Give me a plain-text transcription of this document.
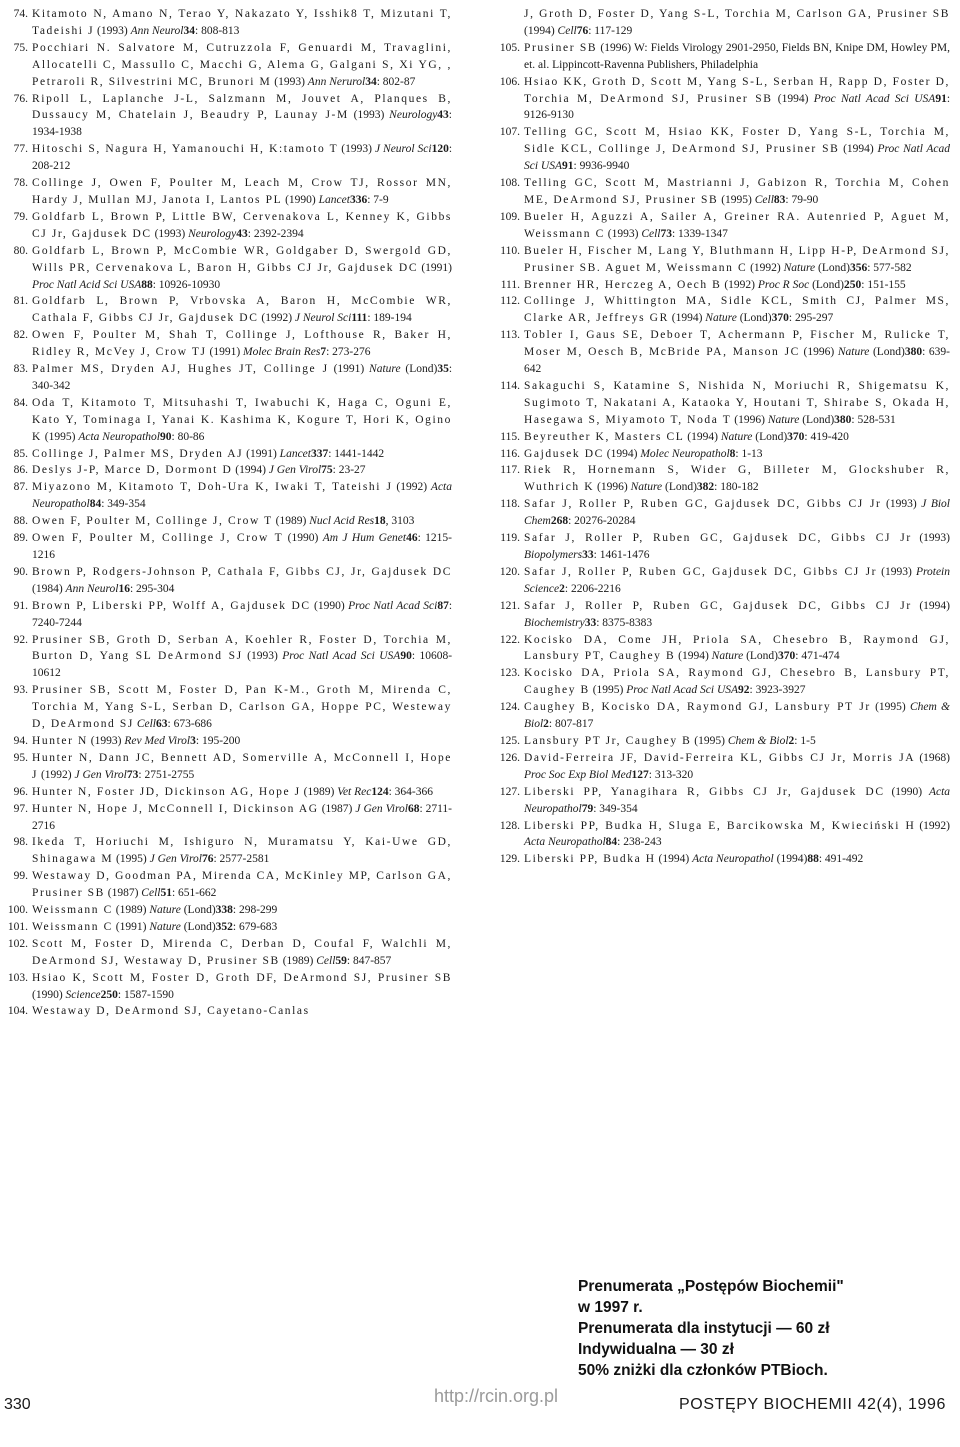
74. Kitamoto N, Amano N, Terao Y, Nakazato Y, Isshik8 T, Mizutani T, Tadeishi J (1993) Ann Neurol34: 808-813
75. Pocchiari N. Salvatore M, Cutruzzola F, Genuardi M, Travaglini, Allocatelli C, Massullo C, Macchi G, Alema G, Galgani S, Xi YG, , Petraroli R, Silvestrini MC, Brunori M (1993) Ann Nerurol34: 802-87
76. Ripoll L, Laplanche J-L, Salzmann M, Jouvet A, Planques B, Dussaucy M, Chatelain J, Beaudry P, Launay J-M (1993) Neurology43: 1934-1938
77. Hitoschi S, Nagura H, Yamanouchi H, K:tamoto T (1993) J Neurol Sci120: 208-212
78. Collinge J, Owen F, Poulter M, Leach M, Crow TJ, Rossor MN, Hardy J, Mullan MJ, Janota I, Lantos PL (1990) Lancet336: 7-9
79. Goldfarb L, Brown P, Little BW, Cervenakova L, Kenney K, Gibbs CJ Jr, Gajdusek DC (1993) Neurology43: 2392-2394
80. Goldfarb L, Brown P, McCombie WR, Goldgaber D, Swergold GD, Wills PR, Cervenakova L, Baron H, Gibbs CJ Jr, Gajdusek DC (1991) Proc Natl Acid Sci USA88: 10926-10930
81. Goldfarb L, Brown P, Vrbovska A, Baron H, McCombie WR, Cathala F, Gibbs CJ Jr, Gajdusek DC (1992) J Neurol Sci111: 189-194
82. Owen F, Poulter M, Shah T, Collinge J, Lofthouse R, Baker H, Ridley R, McVey J, Crow TJ (1991) Molec Brain Res7: 273-276
83. Palmer MS, Dryden AJ, Hughes JT, Collinge J (1991) Nature (Lond)35: 340-342
84. Oda T, Kitamoto T, Mitsuhashi T, Iwabuchi K, Haga C, Oguni E, Kato Y, Tominaga I, Yanai K. Kashima K, Kogure T, Hori K, Ogino K (1995) Acta Neuropathol90: 80-86
85. Collinge J, Palmer MS, Dryden AJ (1991) Lancet337: 1441-1442
86. Deslys J-P, Marce D, Dormont D (1994) J Gen Virol75: 23-27
87. Miyazono M, Kitamoto T, Doh-Ura K, Iwaki T, Tateishi J (1992) Acta Neuropathol84: 349-354
88. Owen F, Poulter M, Collinge J, Crow T (1989) Nucl Acid Res18, 3103
89. Owen F, Poulter M, Collinge J, Crow T (1990) Am J Hum Genet46: 1215-1216
90. Brown P, Rodgers-Johnson P, Cathala F, Gibbs CJ, Jr, Gajdusek DC (1984) Ann Neurol16: 295-304
91. Brown P, Liberski PP, Wolff A, Gajdusek DC (1990) Proc Natl Acad Sci87: 7240-7244
92. Prusiner SB, Groth D, Serban A, Koehler R, Foster D, Torchia M, Burton D, Yang SL DeArmond SJ (1993) Proc Natl Acad Sci USA90: 10608-10612
93. Prusiner SB, Scott M, Foster D, Pan K-M., Groth M, Mirenda C, Torchia M, Yang S-L, Serban D, Carlson GA, Hoppe PC, Westeway D, DeArmond SJ Cell63: 673-686
94. Hunter N (1993) Rev Med Virol3: 195-200
95. Hunter N, Dann JC, Bennett AD, Somerville A, McConnell I, Hope J (1992) J Gen Virol73: 2751-2755
96. Hunter N, Foster JD, Dickinson AG, Hope J (1989) Vet Rec124: 364-366
97. Hunter N, Hope J, McConnell I, Dickinson AG (1987) J Gen Virol68: 2711-2716
98. Ikeda T, Horiuchi M, Ishiguro N, Muramatsu Y, Kai-Uwe GD, Shinagawa M (1995) J Gen Virol76: 2577-2581
99. Westaway D, Goodman PA, Mirenda CA, McKinley MP, Carlson GA, Prusiner SB (1987) Cell51: 651-662
100. Weissmann C (1989) Nature (Lond)338: 298-299
101. Weissmann C (1991) Nature (Lond)352: 679-683
102. Scott M, Foster D, Mirenda C, Derban D, Coufal F, Walchli M, DeArmond SJ, Westaway D, Prusiner SB (1989) Cell59: 847-857
103. Hsiao K, Scott M, Foster D, Groth DF, DeArmond SJ, Prusiner SB (1990) Science250: 1587-1590
104. Westaway D, DeArmond SJ, Cayetano-Canlas
J, Groth D, Foster D, Yang S-L, Torchia M, Carlson GA, Prusiner SB (1994) Cell76: 117-129
105. Prusiner SB (1996) W: Fields Virology 2901-2950, Fields BN, Knipe DM, Howley PM, et. al. Lippincott-Ravenna Publishers, Philadelphia
106. Hsiao KK, Groth D, Scott M, Yang S-L, Serban H, Rapp D, Foster D, Torchia M, DeArmond SJ, Prusiner SB (1994) Proc Natl Acad Sci USA91: 9126-9130
107. Telling GC, Scott M, Hsiao KK, Foster D, Yang S-L, Torchia M, Sidle KCL, Collinge J, DeArmond SJ, Prusiner SB (1994) Proc Natl Acad Sci USA91: 9936-9940
108. Telling GC, Scott M, Mastrianni J, Gabizon R, Torchia M, Cohen ME, DeArmond SJ, Prusiner SB (1995) Cell83: 79-90
109. Bueler H, Aguzzi A, Sailer A, Greiner RA. Autenried P, Aguet M, Weissmann C (1993) Cell73: 1339-1347
110. Bueler H, Fischer M, Lang Y, Bluthmann H, Lipp H-P, DeArmond SJ, Prusiner SB. Aguet M, Weissmann C (1992) Nature (Lond)356: 577-582
111. Brenner HR, Herczeg A, Oech B (1992) Proc R Soc (Lond)250: 151-155
112. Collinge J, Whittington MA, Sidle KCL, Smith CJ, Palmer MS, Clarke AR, Jeffreys GR (1994) Nature (Lond)370: 295-297
113. Tobler I, Gaus SE, Deboer T, Achermann P, Fischer M, Rulicke T, Moser M, Oesch B, McBride PA, Manson JC (1996) Nature (Lond)380: 639-642
114. Sakaguchi S, Katamine S, Nishida N, Moriuchi R, Shigematsu K, Sugimoto T, Nakatani A, Kataoka Y, Houtani T, Shirabe S, Okada H, Hasegawa S, Miyamoto T, Noda T (1996) Nature (Lond)380: 528-531
115. Beyreuther K, Masters CL (1994) Nature (Lond)370: 419-420
116. Gajdusek DC (1994) Molec Neuropathol8: 1-13
117. Riek R, Hornemann S, Wider G, Billeter M, Glockshuber R, Wuthrich K (1996) Nature (Lond)382: 180-182
118. Safar J, Roller P, Ruben GC, Gajdusek DC, Gibbs CJ Jr (1993) J Biol Chem268: 20276-20284
119. Safar J, Roller P, Ruben GC, Gajdusek DC, Gibbs CJ Jr (1993) Biopolymers33: 1461-1476
120. Safar J, Roller P, Ruben GC, Gajdusek DC, Gibbs CJ Jr (1993) Protein Science2: 2206-2216
121. Safar J, Roller P, Ruben GC, Gajdusek DC, Gibbs CJ Jr (1994) Biochemistry33: 8375-8383
122. Kocisko DA, Come JH, Priola SA, Chesebro B, Raymond GJ, Lansbury PT, Caughey B (1994) Nature (Lond)370: 471-474
123. Kocisko DA, Priola SA, Raymond GJ, Chesebro B, Lansbury PT, Caughey B (1995) Proc Natl Acad Sci USA92: 3923-3927
124. Caughey B, Kocisko DA, Raymond GJ, Lansbury PT Jr (1995) Chem & Biol2: 807-817
125. Lansbury PT Jr, Caughey B (1995) Chem & Biol2: 1-5
126. David-Ferreira JF, David-Ferreira KL, Gibbs CJ Jr, Morris JA (1968) Proc Soc Exp Biol Med127: 313-320
127. Liberski PP, Yanagihara R, Gibbs CJ Jr, Gajdusek DC (1990) Acta Neuropathol79: 349-354
128. Liberski PP, Budka H, Sluga E, Barcikowska M, Kwieciński H (1992) Acta Neuropathol84: 238-243
129. Liberski PP, Budka H (1994) Acta Neuropathol (1994)88: 491-492
Prenumerata „Postępów Biochemii"
w 1997 r.
Prenumerata dla instytucji — 60 zł
Indywidualna — 30 zł
50% zniżki dla członków PTBioch.
330	http://rcin.org.pl	POSTĘPY BIOCHEMII 42(4), 1996
